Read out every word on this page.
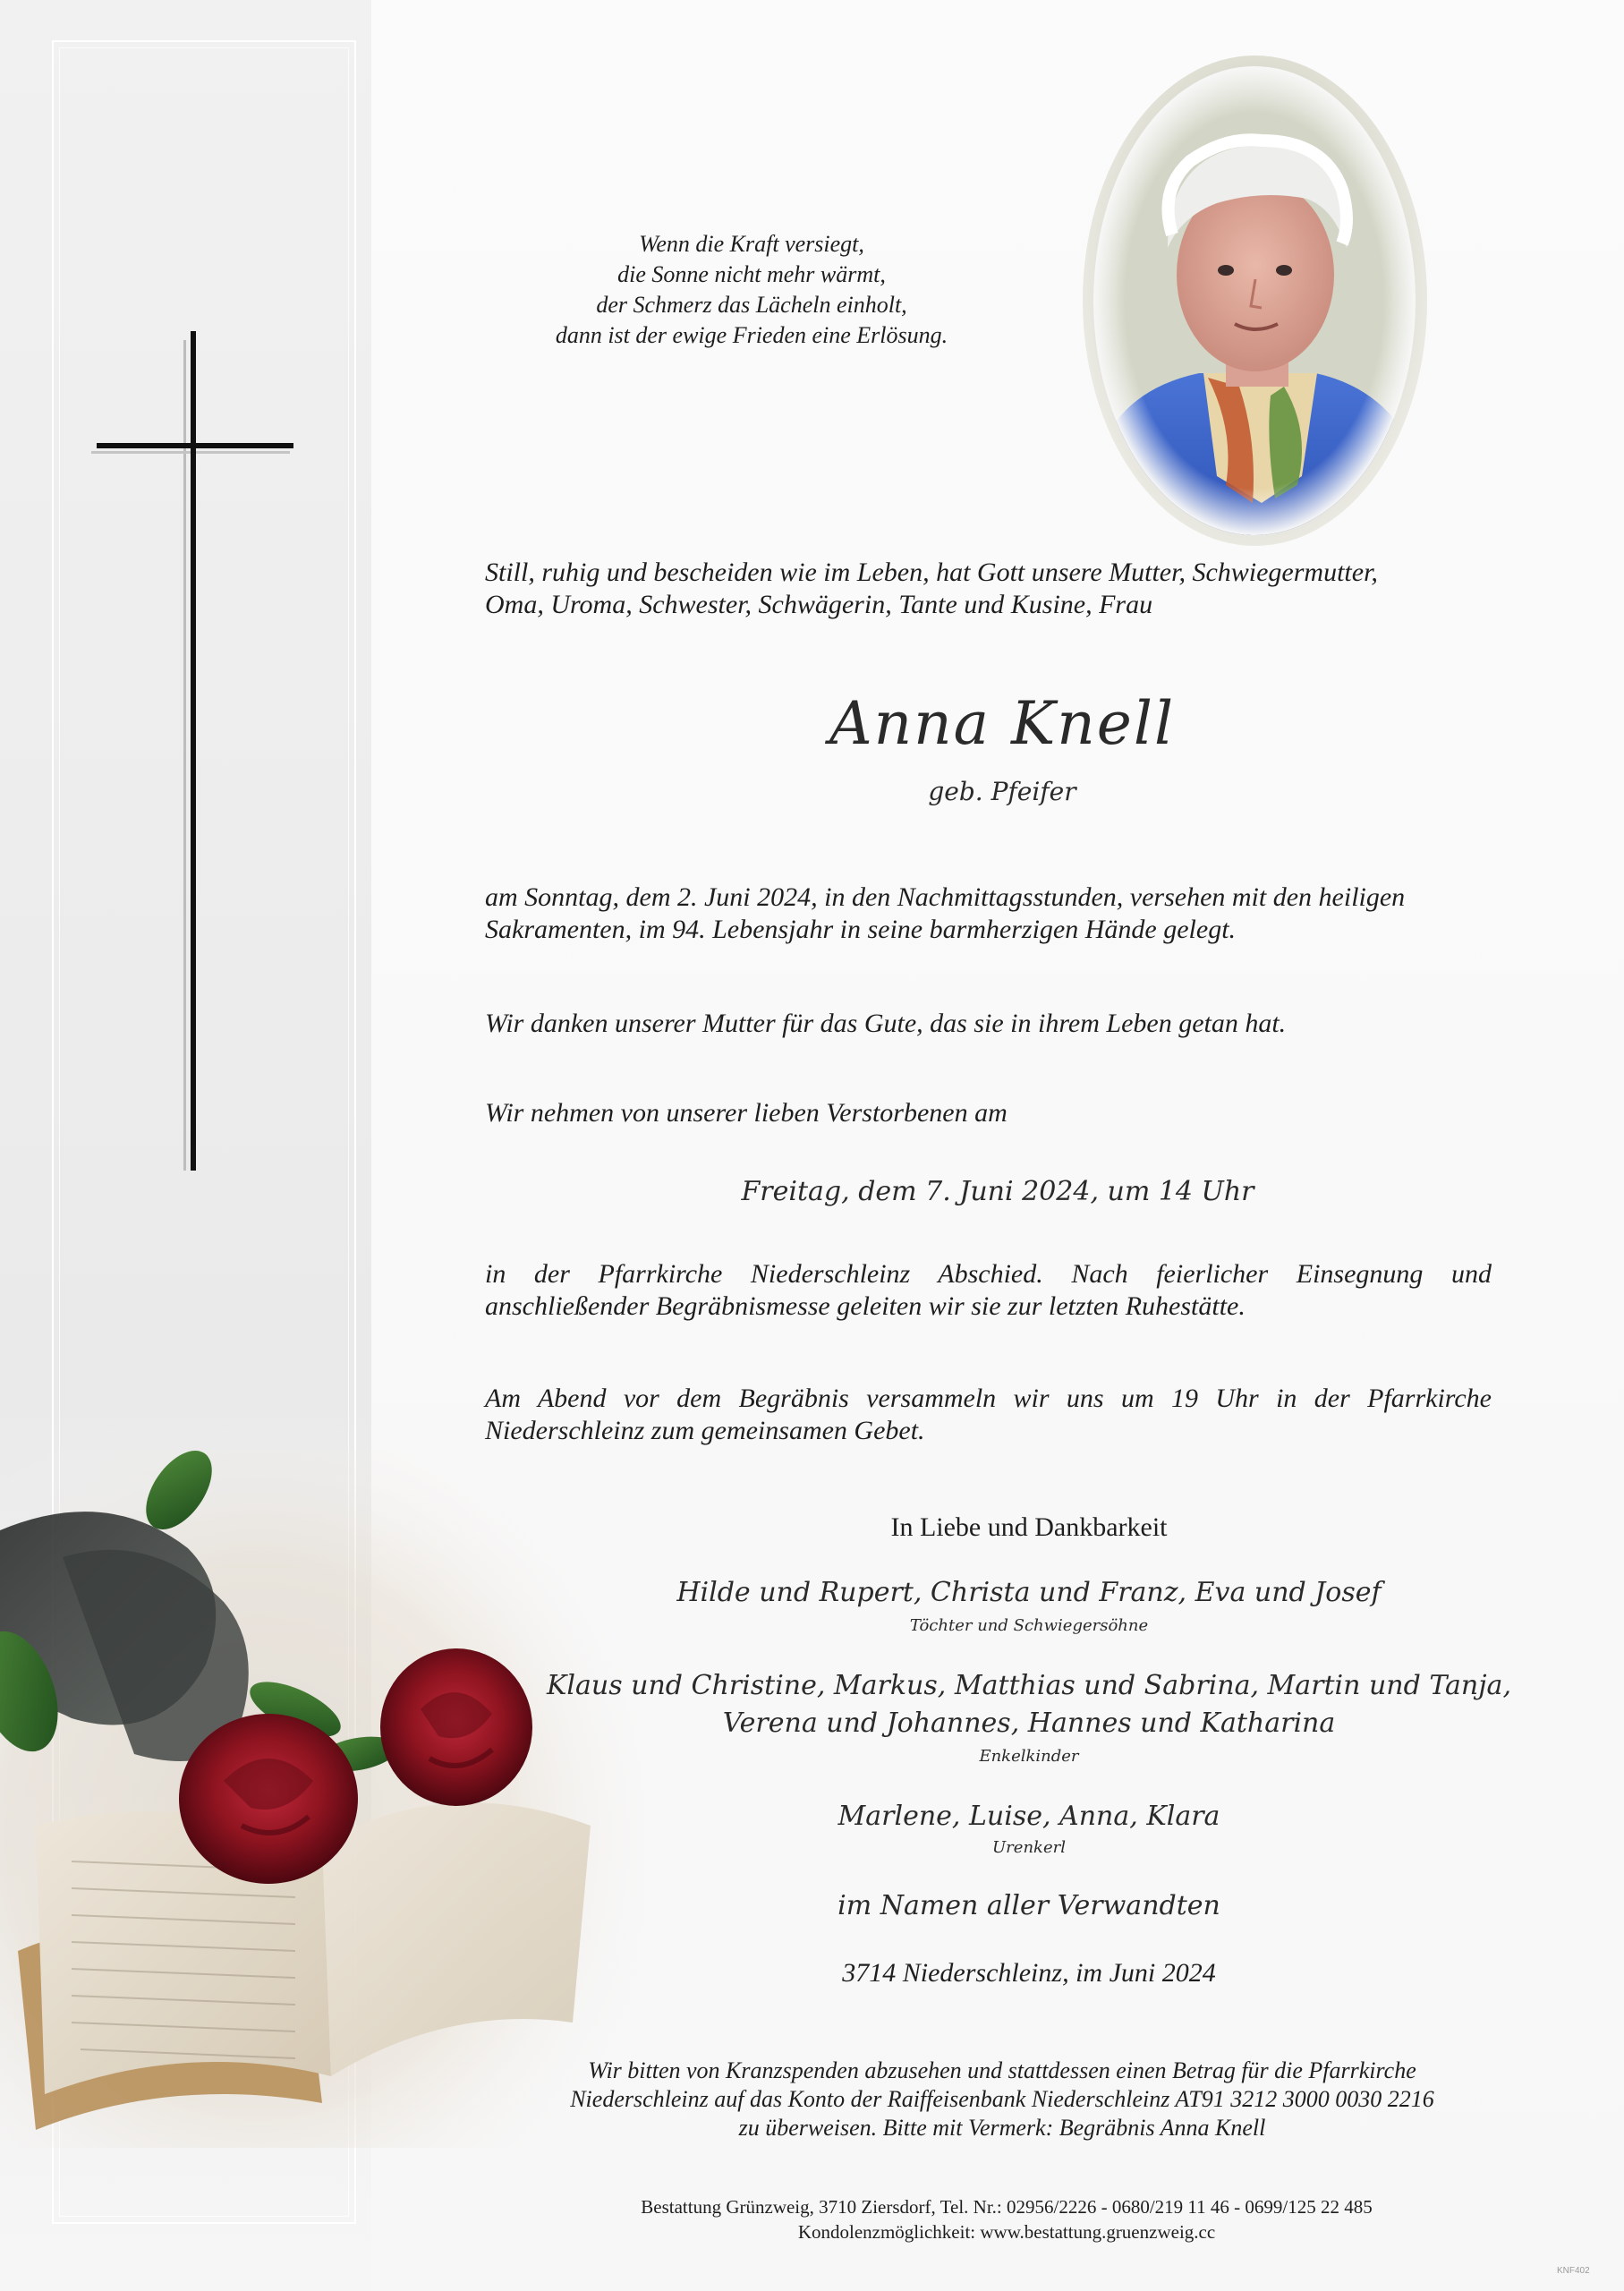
Wenn die Kraft versiegt,
die Sonne nicht mehr wärmt,
der Schmerz das Lächeln einholt,
dann ist der ewige Frieden eine Erlösung.
Still, ruhig und bescheiden wie im Leben, hat Gott unsere Mutter, Schwiegermutter,
Oma, Uroma, Schwester, Schwägerin, Tante und Kusine, Frau
Anna Knell
geb. Pfeifer
am Sonntag, dem 2. Juni 2024, in den Nachmittagsstunden, versehen mit den heiligen
Sakramenten, im 94. Lebensjahr in seine barmherzigen Hände gelegt.
Wir danken unserer Mutter für das Gute, das sie in ihrem Leben getan hat.
Wir nehmen von unserer lieben Verstorbenen am
Freitag, dem 7. Juni 2024, um 14 Uhr
in der Pfarrkirche Niederschleinz Abschied. Nach feierlicher Einsegnung und
anschließender Begräbnismesse geleiten wir sie zur letzten Ruhestätte.
Am Abend vor dem Begräbnis versammeln wir uns um 19 Uhr in der Pfarrkirche
Niederschleinz zum gemeinsamen Gebet.
In Liebe und Dankbarkeit
Hilde und Rupert, Christa und Franz, Eva und Josef
Töchter und Schwiegersöhne
Klaus und Christine, Markus, Matthias und Sabrina, Martin und Tanja,
Verena und Johannes, Hannes und Katharina
Enkelkinder
Marlene, Luise, Anna, Klara
Urenkerl
im Namen aller Verwandten
3714 Niederschleinz, im Juni 2024
Wir bitten von Kranzspenden abzusehen und stattdessen einen Betrag für die Pfarrkirche
Niederschleinz auf das Konto der Raiffeisenbank Niederschleinz AT91 3212 3000 0030 2216
zu überweisen. Bitte mit Vermerk: Begräbnis Anna Knell
Bestattung Grünzweig, 3710 Ziersdorf, Tel. Nr.: 02956/2226 - 0680/219 11 46 - 0699/125 22 485
Kondolenzmöglichkeit: www.bestattung.gruenzweig.cc
KNF402
